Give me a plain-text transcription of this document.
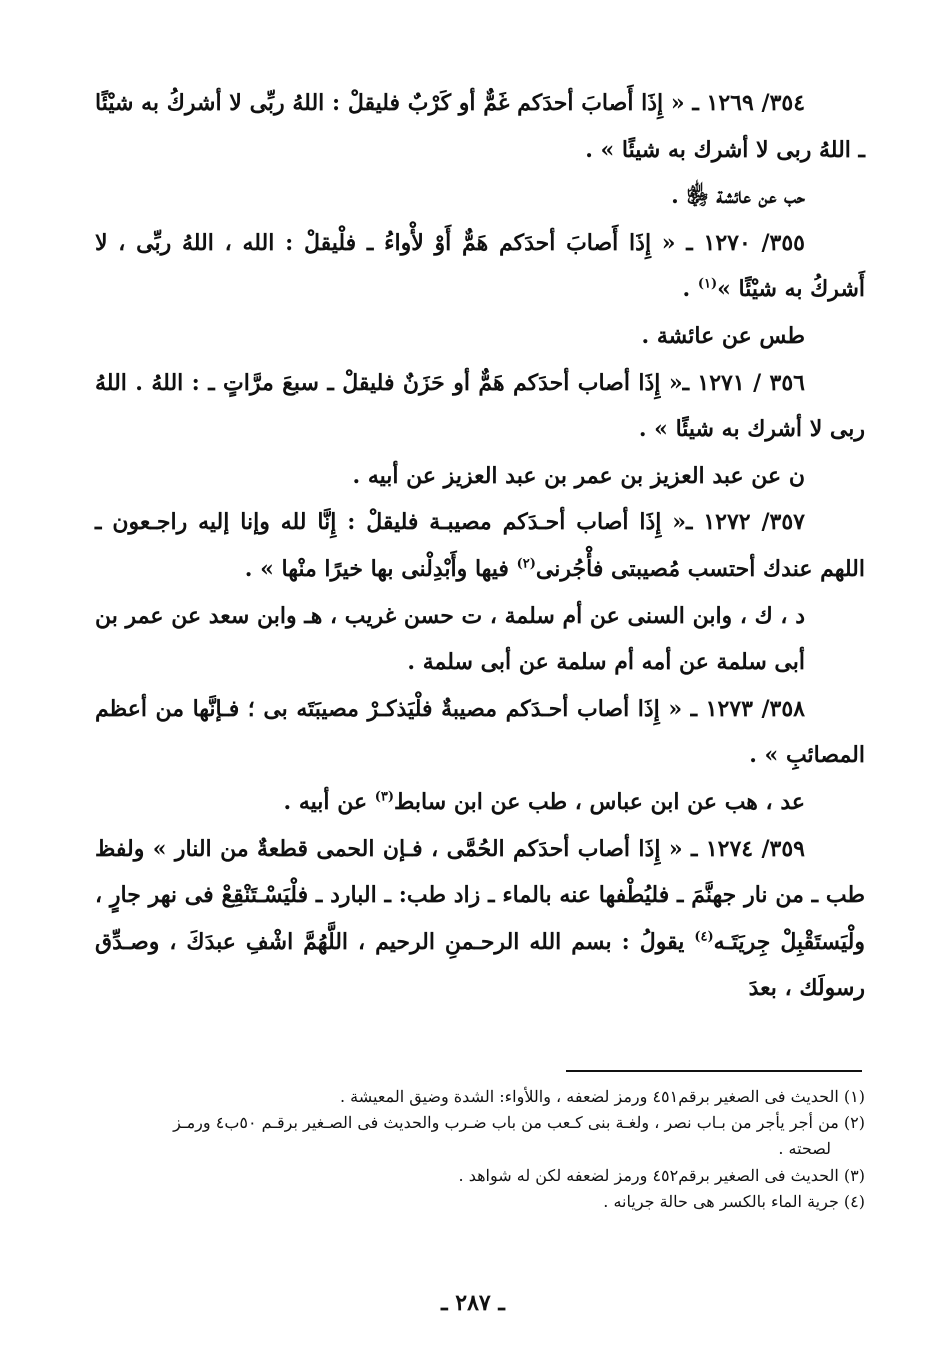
٣٥٤/ ١٢٦٩ ـ « إِذَا أَصابَ أحدَكم غَمٌّ أو كَرْبٌ فليقلْ : اللهُ ربِّى لا أشركُ به شيْئًا ـ اللهُ ربى لا أشرك به شيئًا » .

حب عن عائشة ﵂ .

٣٥٥/ ١٢٧٠ ـ « إِذَا أَصابَ أحدَكم هَمٌّ أَوْ لأْواءُ ـ فلْيقلْ : الله ، اللهُ ربِّى ، لا أَشركُ به شيْئًا »$^{(١)}$ .

طس عن عائشة .

٣٥٦ / ١٢٧١ ـ« إِذَا أصاب أحدَكم هَمٌّ أو حَزَنٌ فليقلْ ـ سبعَ مرَّاتٍ ـ : اللهُ . اللهُ ربى لا أشرك به شيئًا » .

ن عن عبد العزيز بن عمر بن عبد العزيز عن أبيه .

٣٥٧/ ١٢٧٢ ـ« إِذَا أصاب أحـدَكم مصيبـة فليقلْ : إِنَّا لله وإنا إليه راجـعون ـ اللهم عندك أحتسب مُصيبتى فأْجُرنى$^{(٢)}$ فيها وأَبْدِلْنى بها خيرًا منْها » .

د ، ك ، وابن السنى عن أم سلمة ، ت حسن غريب ، هـ وابن سعد عن عمر بن أبى سلمة عن أمه أم سلمة عن أبى سلمة .

٣٥٨/ ١٢٧٣ ـ « إِذَا أصاب أحـدَكم مصيبةٌ فلْيَذكـرْ مصيبَتَه بى ؛ فـإنَّها من أعظم المصائبِ » .

عد ، هب عن ابن عباس ، طب عن ابن سابط$^{(٣)}$ عن أبيه .

٣٥٩/ ١٢٧٤ ـ « إِذَا أصاب أحدَكم الحُمَّى ، فـإن الحمى قطعةٌ من النار » ولفظ طب ـ من نار جهنَّمَ ـ فليُطْفها عنه بالماء ـ زاد طب: ـ البارد ـ فلْيَسْـتَنْقِعْ فى نهر جارٍ ، ولْيَستَقْبِلْ جِريَتَـه$^{(٤)}$ يقولُ : بسم الله الرحـمنِ الرحيم ، اللَّهُمَّ اشْفِ عبدَكَ ، وصـدِّق رسولَك ، بعدَ

(١) الحديث فى الصغير برقم٤٥١ ورمز لضعفه ، واللأواء: الشدة وضيق المعيشة .

(٢) من أجر يأجر من بـاب نصر ، ولغـة بنى كـعب من باب ضـرب والحديث فى الصـغير برقـم ٥٠ب٤ ورمـز

لصحته .

(٣) الحديث فى الصغير برقم٤٥٢ ورمز لضعفه لكن له شواهد .

(٤) جرية الماء بالكسر هى حالة جريانه .

ـ ٢٨٧ ـ
